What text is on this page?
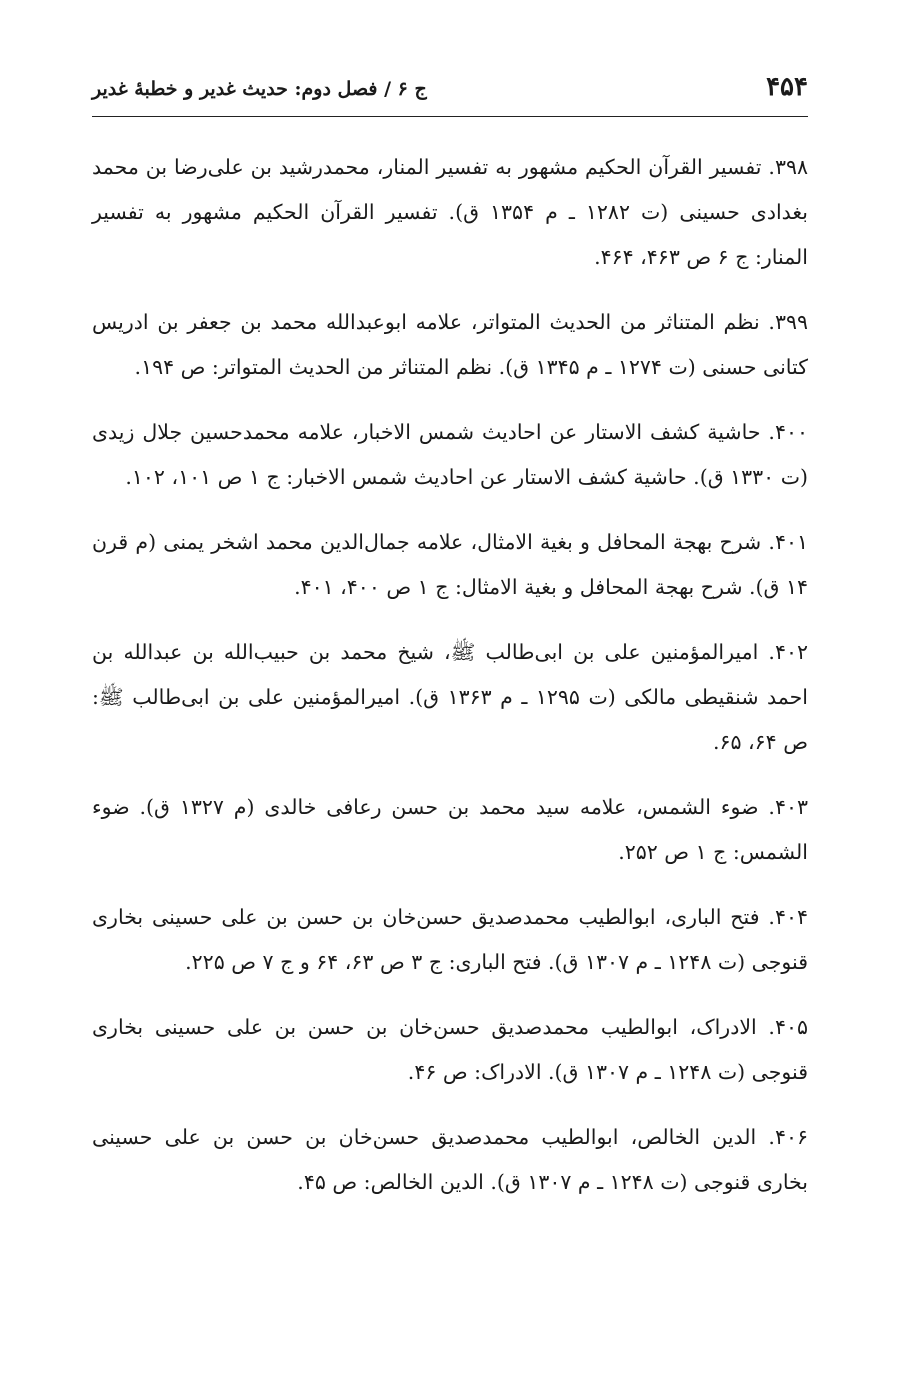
۴۵۴
ج ۶ / فصل دوم: حدیث غدیر و خطبهٔ غدیر

۳۹۸. تفسیر القرآن الحکیم مشهور به تفسیر المنار، محمدرشید بن علی‌رضا بن محمد بغدادی حسینی (ت ۱۲۸۲ ـ م ۱۳۵۴ ق). تفسیر القرآن الحکیم مشهور به تفسیر المنار: ج ۶ ص ۴۶۳، ۴۶۴.

۳۹۹. نظم المتناثر من الحدیث المتواتر، علامه ابوعبدالله محمد بن جعفر بن ادریس کتانی حسنی (ت ۱۲۷۴ ـ م ۱۳۴۵ ق). نظم المتناثر من الحدیث المتواتر: ص ۱۹۴.

۴۰۰. حاشیة کشف الاستار عن احادیث شمس الاخبار، علامه محمدحسین جلال زیدی (ت ۱۳۳۰ ق). حاشیة کشف الاستار عن احادیث شمس الاخبار: ج ۱ ص ۱۰۱، ۱۰۲.

۴۰۱. شرح بهجة المحافل و بغیة الامثال، علامه جمال‌الدین محمد اشخر یمنی (م قرن ۱۴ ق). شرح بهجة المحافل و بغیة الامثال: ج ۱ ص ۴۰۰، ۴۰۱.

۴۰۲. امیرالمؤمنین علی بن ابی‌طالب ﷺ، شیخ محمد بن حبیب‌الله بن عبدالله بن احمد شنقیطی مالکی (ت ۱۲۹۵ ـ م ۱۳۶۳ ق). امیرالمؤمنین علی بن ابی‌طالب ﷺ: ص ۶۴، ۶۵.

۴۰۳. ضوء الشمس، علامه سید محمد بن حسن رعافی خالدی (م ۱۳۲۷ ق). ضوء الشمس: ج ۱ ص ۲۵۲.

۴۰۴. فتح الباری، ابوالطیب محمدصدیق حسن‌خان بن حسن بن علی حسینی بخاری قنوجی (ت ۱۲۴۸ ـ م ۱۳۰۷ ق). فتح الباری: ج ۳ ص ۶۳، ۶۴ و ج ۷ ص ۲۲۵.

۴۰۵. الادراک، ابوالطیب محمدصدیق حسن‌خان بن حسن بن علی حسینی بخاری قنوجی (ت ۱۲۴۸ ـ م ۱۳۰۷ ق). الادراک: ص ۴۶.

۴۰۶. الدین الخالص، ابوالطیب محمدصدیق حسن‌خان بن حسن بن علی حسینی بخاری قنوجی (ت ۱۲۴۸ ـ م ۱۳۰۷ ق). الدین الخالص: ص ۴۵.
